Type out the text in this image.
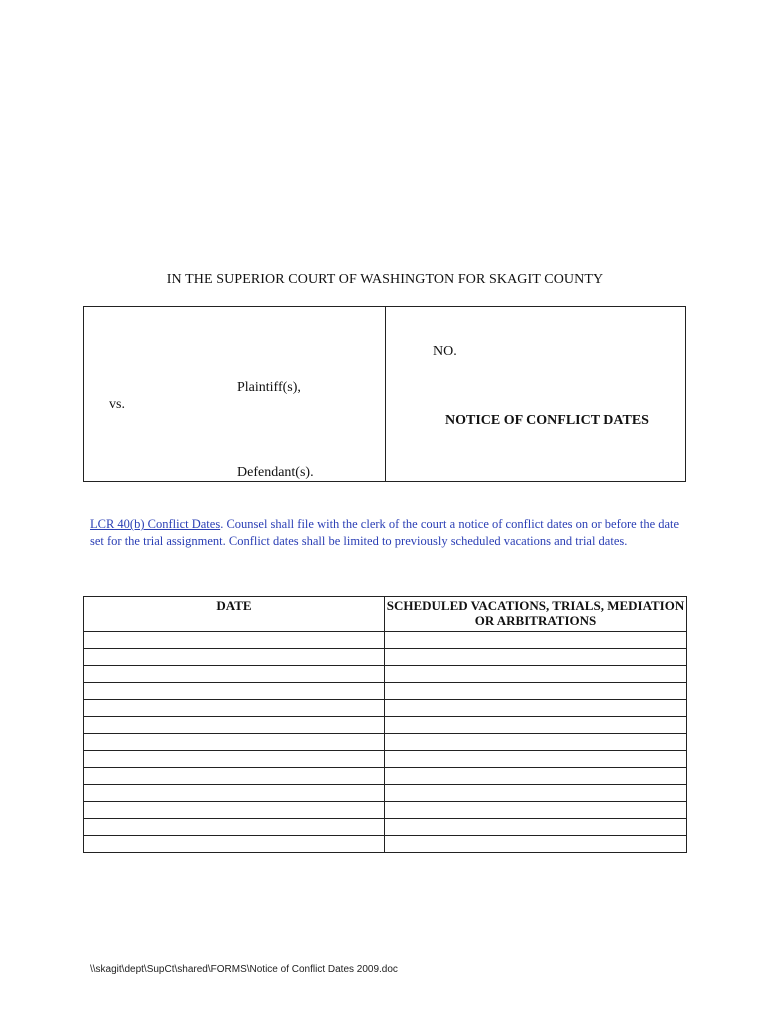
IN THE SUPERIOR COURT OF WASHINGTON FOR SKAGIT COUNTY
NO.
Plaintiff(s),
vs.
NOTICE OF CONFLICT DATES
Defendant(s).
LCR 40(b) Conflict Dates. Counsel shall file with the clerk of the court a notice of conflict dates on or before the date set for the trial assignment. Conflict dates shall be limited to previously scheduled vacations and trial dates.
DATE	SCHEDULED VACATIONS, TRIALS, MEDIATION OR ARBITRATIONS

\\skagit\dept\SupCt\shared\FORMS\Notice of Conflict Dates 2009.doc
